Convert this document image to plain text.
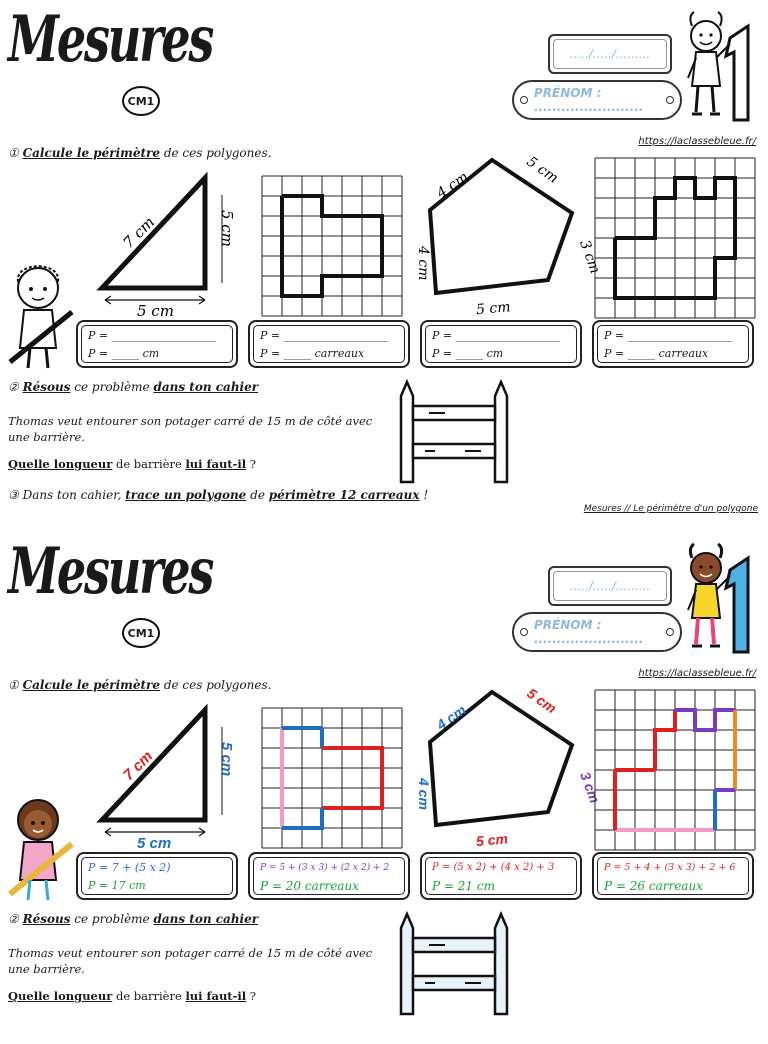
Mesures
CM1
...../...../.........
PRÉNOM : ........................
https://laclassebleue.fr/
① Calcule le périmètre de ces polygones.
7 cm	5 cm
5 cm
4 cm	5 cm
3 cm
4 cm
5 cm
P = ___________________
P = _____ cm
P = ___________________
P = _____ carreaux
P = ___________________
P = _____ cm
P = ___________________
P = _____ carreaux
② Résous ce problème dans ton cahier
Thomas veut entourer son potager carré de 15 m de côté avec une barrière.
Quelle longueur de barrière lui faut-il ?
③ Dans ton cahier, trace un polygone de périmètre 12 carreaux !
Mesures // Le périmètre d'un polygone
Mesures
CM1
...../...../.........
PRÉNOM : ........................
https://laclassebleue.fr/
① Calcule le périmètre de ces polygones.
7 cm	5 cm
5 cm
4 cm
5 cm
3 cm
4 cm
5 cm
P = 7 + (5 x 2)
P = 17 cm
P = 5 + (3 x 3) + (2 x 2) + 2
P = 20 carreaux
P = (5 x 2) + (4 x 2) + 3
P = 21 cm
P = 5 + 4 + (3 x 3) + 2 + 6
P = 26 carreaux
② Résous ce problème dans ton cahier
Thomas veut entourer son potager carré de 15 m de côté avec une barrière.
Quelle longueur de barrière lui faut-il ?
